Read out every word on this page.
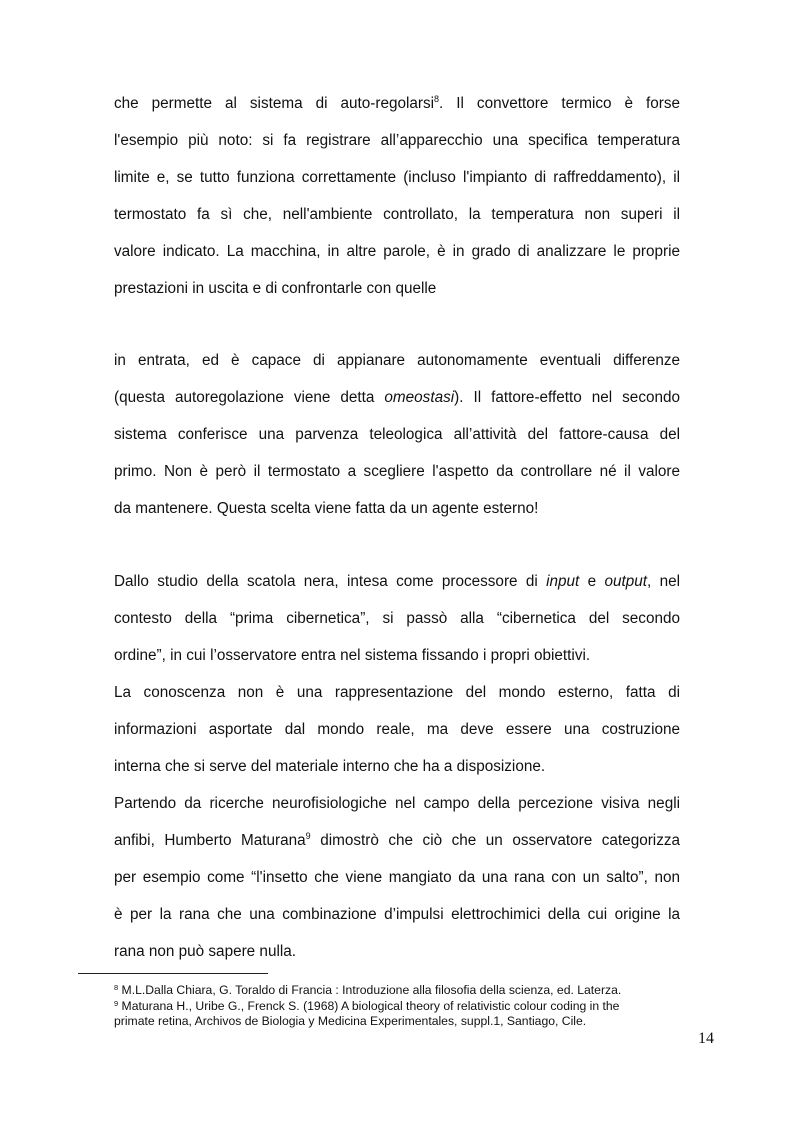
che permette al sistema di auto-regolarsi$^8$. Il convettore termico è forse
l'esempio più noto: si fa registrare all’apparecchio una specifica temperatura
limite e, se tutto funziona correttamente (incluso l'impianto di raffreddamento), il
termostato fa sì che, nell'ambiente controllato, la temperatura non superi il
valore indicato. La macchina, in altre parole, è in grado di analizzare le proprie
prestazioni in uscita e di confrontarle con quelle
in entrata, ed è capace di appianare autonomamente eventuali differenze
(questa autoregolazione viene detta omeostasi). Il fattore-effetto nel secondo
sistema conferisce una parvenza teleologica all’attività del fattore-causa del
primo. Non è però il termostato a scegliere l'aspetto da controllare né il valore
da mantenere. Questa scelta viene fatta da un agente esterno!
Dallo studio della scatola nera, intesa come processore di input e output, nel
contesto della “prima cibernetica”, si passò alla “cibernetica del secondo
ordine”, in cui l’osservatore entra nel sistema fissando i propri obiettivi.
La conoscenza non è una rappresentazione del mondo esterno, fatta di
informazioni asportate dal mondo reale, ma deve essere una costruzione
interna che si serve del materiale interno che ha a disposizione.
Partendo da ricerche neurofisiologiche nel campo della percezione visiva negli
anfibi, Humberto Maturana$^9$ dimostrò che ciò che un osservatore categorizza
per esempio come “l'insetto che viene mangiato da una rana con un salto”, non
è per la rana che una combinazione d’impulsi elettrochimici della cui origine la
rana non può sapere nulla.
$^8$ M.L.Dalla Chiara, G. Toraldo di Francia : Introduzione alla filosofia della scienza, ed. Laterza.
$^9$ Maturana H., Uribe G., Frenck S. (1968) A biological theory of relativistic colour coding in the
primate retina, Archivos de Biologia y Medicina Experimentales, suppl.1, Santiago, Cile.
14
